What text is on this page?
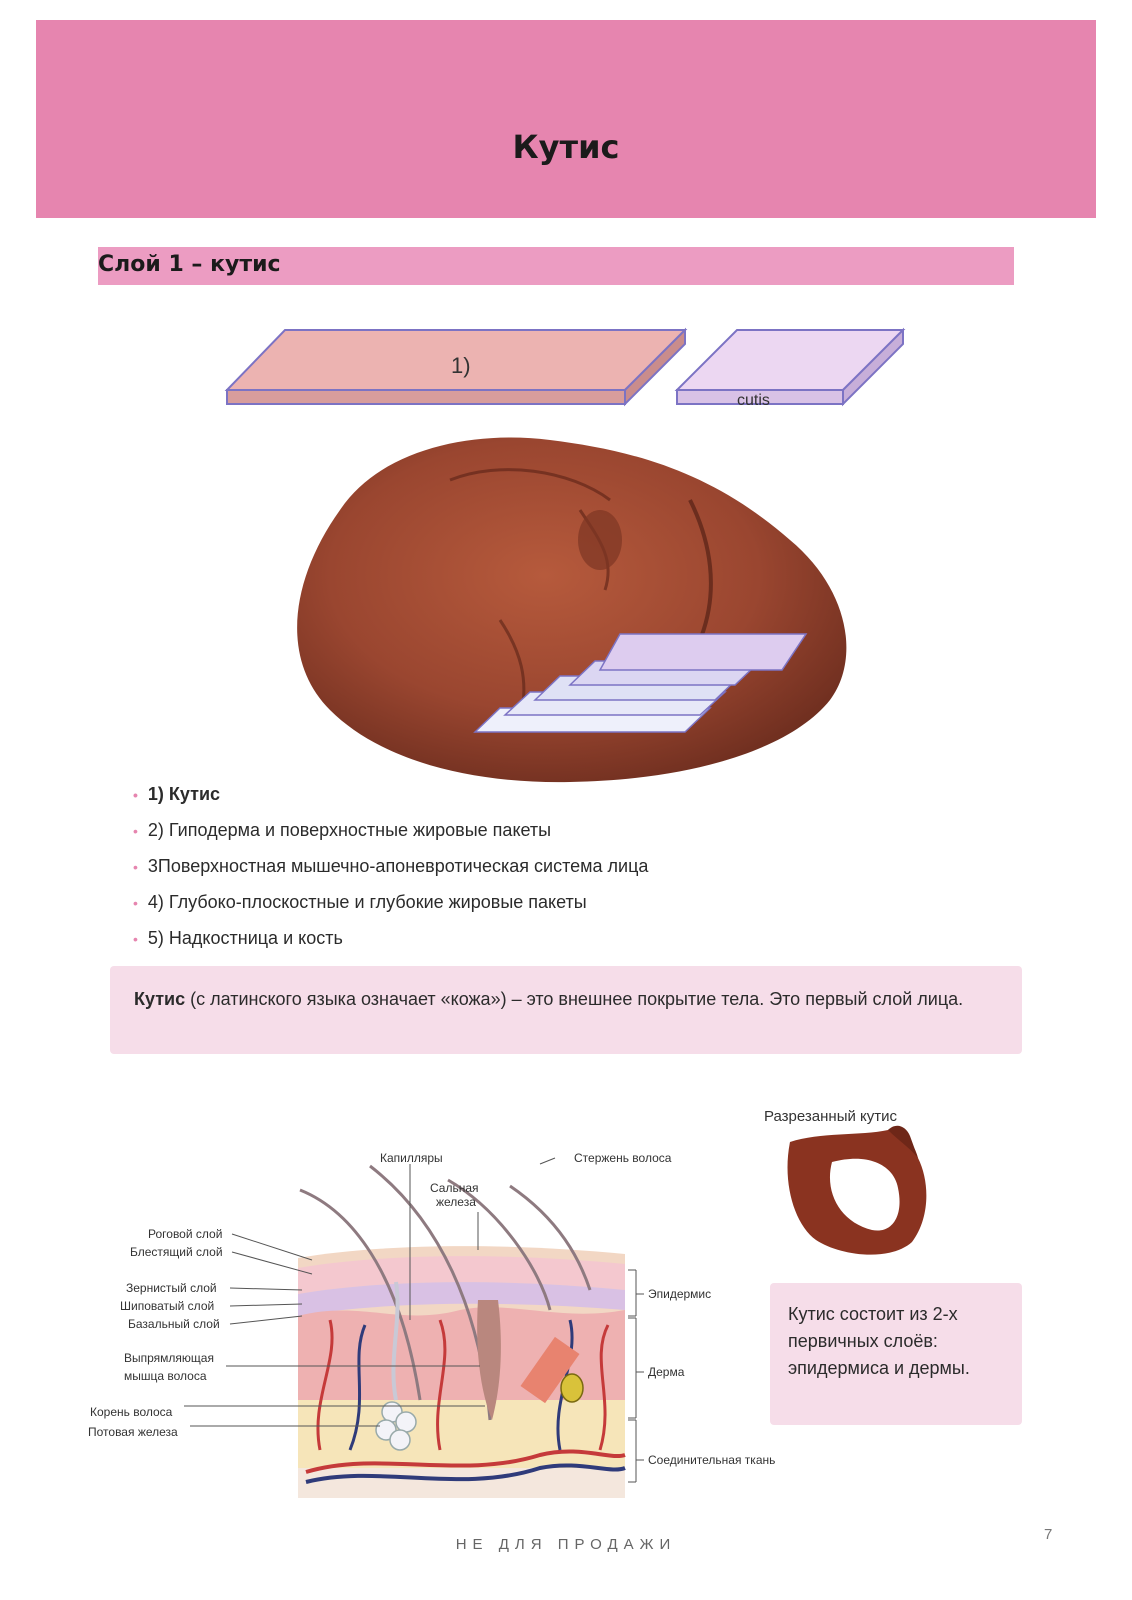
Кутис
Слой 1 – кутис
1)
cutis
• 1) Кутис
• 2) Гиподерма и поверхностные жировые пакеты
• 3Поверхностная мышечно-апоневротическая система лица
• 4) Глубоко-плоскостные и глубокие жировые пакеты
• 5) Надкостница и кость
Кутис (с латинского языка означает «кожа») – это внешнее покрытие тела. Это первый слой лица.
Роговой слой
Блестящий слой
Зернистый слой
Шиповатый слой
Базальный слой
Выпрямляющая
мышца волоса
Корень волоса
Потовая железа
Капилляры
Сальная
железа
Стержень волоса
Эпидермис
Дерма
Соединительная ткань
Разрезанный кутис
Кутис состоит из 2-х первичных слоёв: эпидермиса и дермы.
НЕ ДЛЯ ПРОДАЖИ
7
